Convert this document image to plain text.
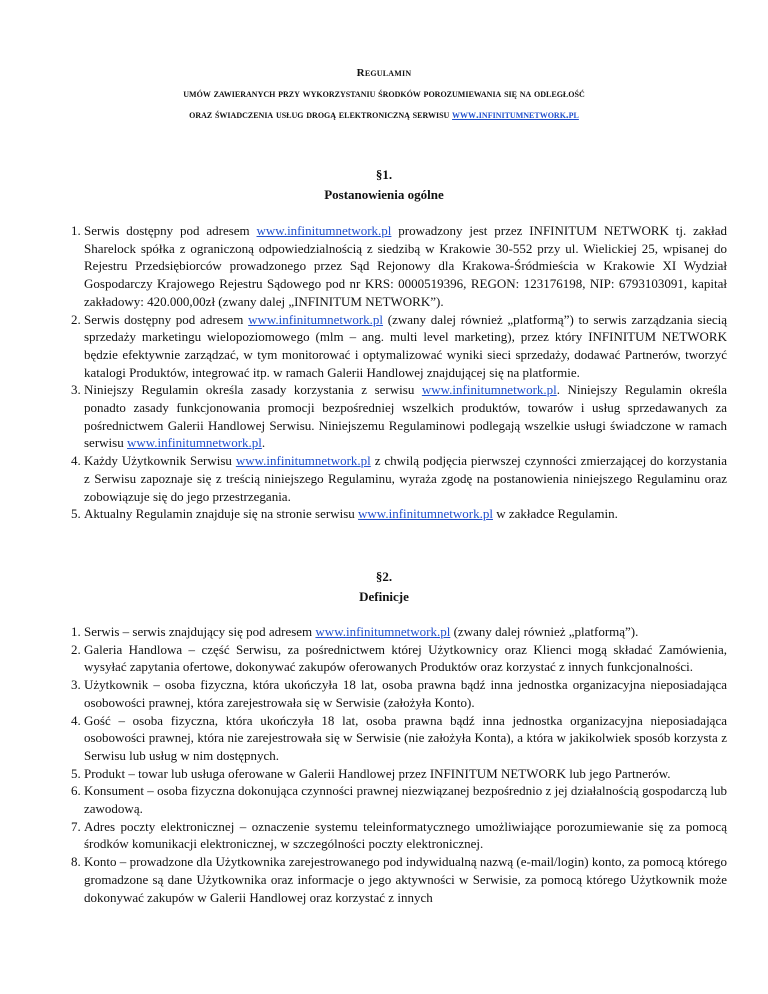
Regulamin
umów zawieranych przy wykorzystaniu środków porozumiewania się na odległość
oraz świadczenia usług drogą elektroniczną serwisu www.infinitumnetwork.pl
§1.
Postanowienia ogólne
1. Serwis dostępny pod adresem www.infinitumnetwork.pl prowadzony jest przez INFINITUM NETWORK tj. zakład Sharelock spółka z ograniczoną odpowiedzialnością z siedzibą w Krakowie 30-552 przy ul. Wielickiej 25, wpisanej do Rejestru Przedsiębiorców prowadzonego przez Sąd Rejonowy dla Krakowa-Śródmieścia w Krakowie XI Wydział Gospodarczy Krajowego Rejestru Sądowego pod nr KRS: 0000519396, REGON: 123176198, NIP: 6793103091, kapitał zakładowy: 420.000,00zł (zwany dalej „INFINITUM NETWORK”).
2. Serwis dostępny pod adresem www.infinitumnetwork.pl (zwany dalej również „platformą”) to serwis zarządzania siecią sprzedaży marketingu wielopoziomowego (mlm – ang. multi level marketing), przez który INFINITUM NETWORK będzie efektywnie zarządzać, w tym monitorować i optymalizować wyniki sieci sprzedaży, dodawać Partnerów, tworzyć katalogi Produktów, integrować itp. w ramach Galerii Handlowej znajdującej się na platformie.
3. Niniejszy Regulamin określa zasady korzystania z serwisu www.infinitumnetwork.pl. Niniejszy Regulamin określa ponadto zasady funkcjonowania promocji bezpośredniej wszelkich produktów, towarów i usług sprzedawanych za pośrednictwem Galerii Handlowej Serwisu. Niniejszemu Regulaminowi podlegają wszelkie usługi świadczone w ramach serwisu www.infinitumnetwork.pl.
4. Każdy Użytkownik Serwisu www.infinitumnetwork.pl z chwilą podjęcia pierwszej czynności zmierzającej do korzystania z Serwisu zapoznaje się z treścią niniejszego Regulaminu, wyraża zgodę na postanowienia niniejszego Regulaminu oraz zobowiązuje się do jego przestrzegania.
5. Aktualny Regulamin znajduje się na stronie serwisu www.infinitumnetwork.pl w zakładce Regulamin.
§2.
Definicje
1. Serwis – serwis znajdujący się pod adresem www.infinitumnetwork.pl (zwany dalej również „platformą”).
2. Galeria Handlowa – część Serwisu, za pośrednictwem której Użytkownicy oraz Klienci mogą składać Zamówienia, wysyłać zapytania ofertowe, dokonywać zakupów oferowanych Produktów oraz korzystać z innych funkcjonalności.
3. Użytkownik – osoba fizyczna, która ukończyła 18 lat, osoba prawna bądź inna jednostka organizacyjna nieposiadająca osobowości prawnej, która zarejestrowała się w Serwisie (założyła Konto).
4. Gość – osoba fizyczna, która ukończyła 18 lat, osoba prawna bądź inna jednostka organizacyjna nieposiadająca osobowości prawnej, która nie zarejestrowała się w Serwisie (nie założyła Konta), a która w jakikolwiek sposób korzysta z Serwisu lub usług w nim dostępnych.
5. Produkt – towar lub usługa oferowane w Galerii Handlowej przez INFINITUM NETWORK lub jego Partnerów.
6. Konsument – osoba fizyczna dokonująca czynności prawnej niezwiązanej bezpośrednio z jej działalnością gospodarczą lub zawodową.
7. Adres poczty elektronicznej – oznaczenie systemu teleinformatycznego umożliwiające porozumiewanie się za pomocą środków komunikacji elektronicznej, w szczególności poczty elektronicznej.
8. Konto – prowadzone dla Użytkownika zarejestrowanego pod indywidualną nazwą (e-mail/login) konto, za pomocą którego gromadzone są dane Użytkownika oraz informacje o jego aktywności w Serwisie, za pomocą którego Użytkownik może dokonywać zakupów w Galerii Handlowej oraz korzystać z innych
